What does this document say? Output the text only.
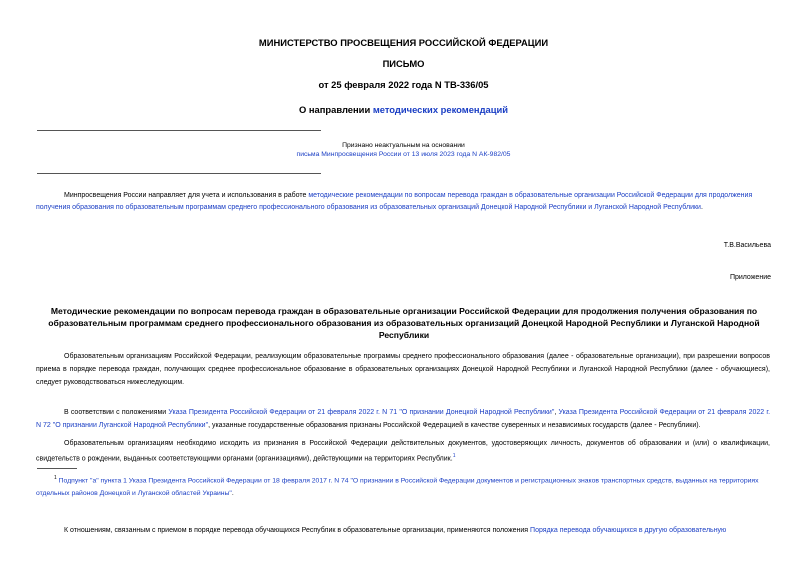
МИНИСТЕРСТВО ПРОСВЕЩЕНИЯ РОССИЙСКОЙ ФЕДЕРАЦИИ
ПИСЬМО
от 25 февраля 2022 года N ТВ-336/05
О направлении методических рекомендаций
Признано неактуальным на основании
письма Минпросвещения России от 13 июля 2023 года N АК-982/05
Минпросвещения России направляет для учета и использования в работе методические рекомендации по вопросам перевода граждан в образовательные организации Российской Федерации для продолжения получения образования по образовательным программам среднего профессионального образования из образовательных организаций Донецкой Народной Республики и Луганской Народной Республики.
Т.В.Васильева
Приложение
Методические рекомендации по вопросам перевода граждан в образовательные организации Российской Федерации для продолжения получения образования по образовательным программам среднего профессионального образования из образовательных организаций Донецкой Народной Республики и Луганской Народной Республики
Образовательным организациям Российской Федерации, реализующим образовательные программы среднего профессионального образования (далее - образовательные организации), при разрешении вопросов приема в порядке перевода граждан, получающих среднее профессиональное образование в образовательных организациях Донецкой Народной Республики и Луганской Народной Республики (далее - обучающиеся), следует руководствоваться нижеследующим.
В соответствии с положениями Указа Президента Российской Федерации от 21 февраля 2022 г. N 71 "О признании Донецкой Народной Республики", Указа Президента Российской Федерации от 21 февраля 2022 г. N 72 "О признании Луганской Народной Республики", указанные государственные образования признаны Российской Федерацией в качестве суверенных и независимых государств (далее - Республики).
Образовательным организациям необходимо исходить из признания в Российской Федерации действительных документов, удостоверяющих личность, документов об образовании и (или) о квалификации, свидетельств о рождении, выданных соответствующими органами (организациями), действующими на территориях Республик.$^1$
$^1$ Подпункт "а" пункта 1 Указа Президента Российской Федерации от 18 февраля 2017 г. N 74 "О признании в Российской Федерации документов и регистрационных знаков транспортных средств, выданных на территориях отдельных районов Донецкой и Луганской областей Украины".
К отношениям, связанным с приемом в порядке перевода обучающихся Республик в образовательные организации, применяются положения Порядка перевода обучающихся в другую образовательную
